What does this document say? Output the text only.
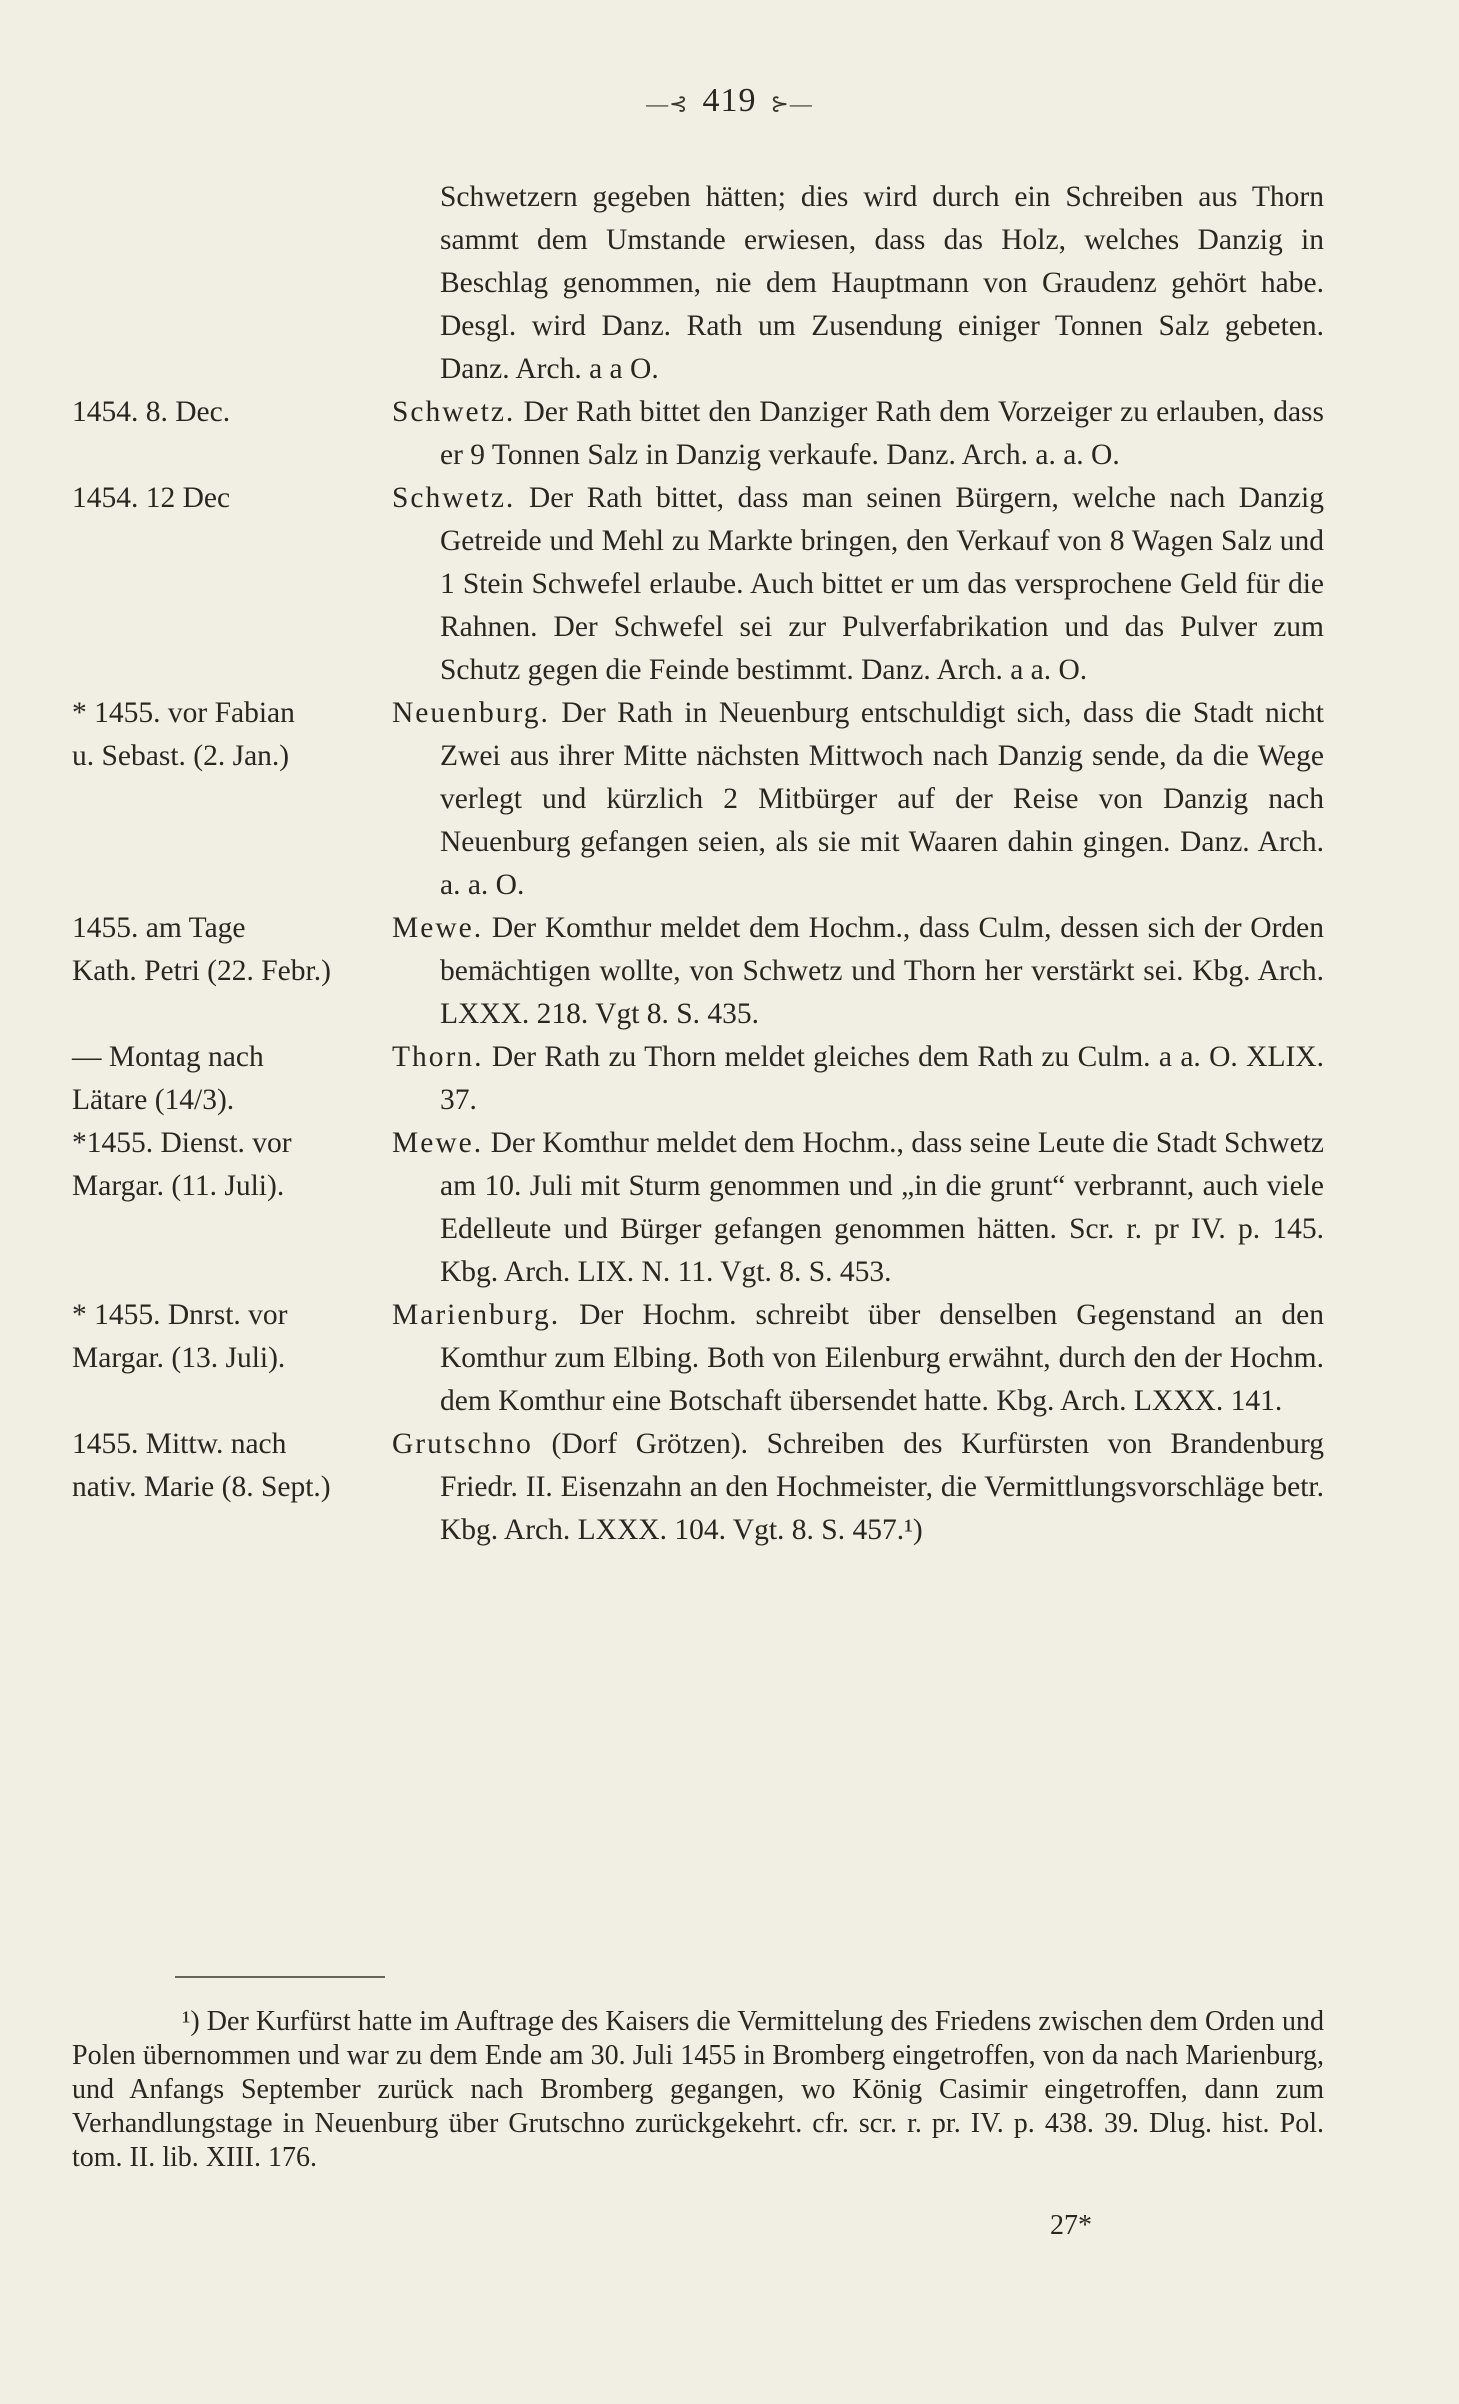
—⊰ 419 ⊱—

Schwetzern gegeben hätten; dies wird durch ein Schreiben aus Thorn sammt dem Umstande erwiesen, dass das Holz, welches Danzig in Beschlag genommen, nie dem Hauptmann von Graudenz gehört habe. Desgl. wird Danz. Rath um Zusendung einiger Tonnen Salz gebeten. Danz. Arch. a a O.

1454. 8. Dec.	Schwetz. Der Rath bittet den Danziger Rath dem Vorzeiger zu erlauben, dass er 9 Tonnen Salz in Danzig verkaufe. Danz. Arch. a. a. O.

1454. 12 Dec	Schwetz. Der Rath bittet, dass man seinen Bürgern, welche nach Danzig Getreide und Mehl zu Markte bringen, den Verkauf von 8 Wagen Salz und 1 Stein Schwefel erlaube. Auch bittet er um das versprochene Geld für die Rahnen. Der Schwefel sei zur Pulverfabrikation und das Pulver zum Schutz gegen die Feinde bestimmt. Danz. Arch. a a. O.

* 1455. vor Fabian
u. Sebast. (2. Jan.)

Neuenburg. Der Rath in Neuenburg entschuldigt sich, dass die Stadt nicht Zwei aus ihrer Mitte nächsten Mittwoch nach Danzig sende, da die Wege verlegt und kürzlich 2 Mitbürger auf der Reise von Danzig nach Neuenburg gefangen seien, als sie mit Waaren dahin gingen. Danz. Arch. a. a. O.

1455. am Tage
Kath. Petri (22. Febr.)

Mewe. Der Komthur meldet dem Hochm., dass Culm, dessen sich der Orden bemächtigen wollte, von Schwetz und Thorn her verstärkt sei. Kbg. Arch. LXXX. 218. Vgt 8. S. 435.

— Montag nach
Lätare (14/3).

Thorn. Der Rath zu Thorn meldet gleiches dem Rath zu Culm. a a. O. XLIX. 37.

*1455. Dienst. vor
Margar. (11. Juli).

Mewe. Der Komthur meldet dem Hochm., dass seine Leute die Stadt Schwetz am 10. Juli mit Sturm genommen und „in die grunt“ verbrannt, auch viele Edelleute und Bürger gefangen genommen hätten. Scr. r. pr IV. p. 145. Kbg. Arch. LIX. N. 11. Vgt. 8. S. 453.

* 1455. Dnrst. vor
Margar. (13. Juli).

Marienburg. Der Hochm. schreibt über denselben Gegenstand an den Komthur zum Elbing. Both von Eilenburg erwähnt, durch den der Hochm. dem Komthur eine Botschaft übersendet hatte. Kbg. Arch. LXXX. 141.

1455. Mittw. nach
nativ. Marie (8. Sept.)

Grutschno (Dorf Grötzen). Schreiben des Kurfürsten von Brandenburg Friedr. II. Eisenzahn an den Hochmeister, die Vermittlungsvorschläge betr. Kbg. Arch. LXXX. 104. Vgt. 8. S. 457.¹)

¹) Der Kurfürst hatte im Auftrage des Kaisers die Vermittelung des Friedens zwischen dem Orden und Polen übernommen und war zu dem Ende am 30. Juli 1455 in Bromberg eingetroffen, von da nach Marienburg, und Anfangs September zurück nach Bromberg gegangen, wo König Casimir eingetroffen, dann zum Verhandlungstage in Neuenburg über Grutschno zurückgekehrt. cfr. scr. r. pr. IV. p. 438. 39. Dlug. hist. Pol. tom. II. lib. XIII. 176.

27*
